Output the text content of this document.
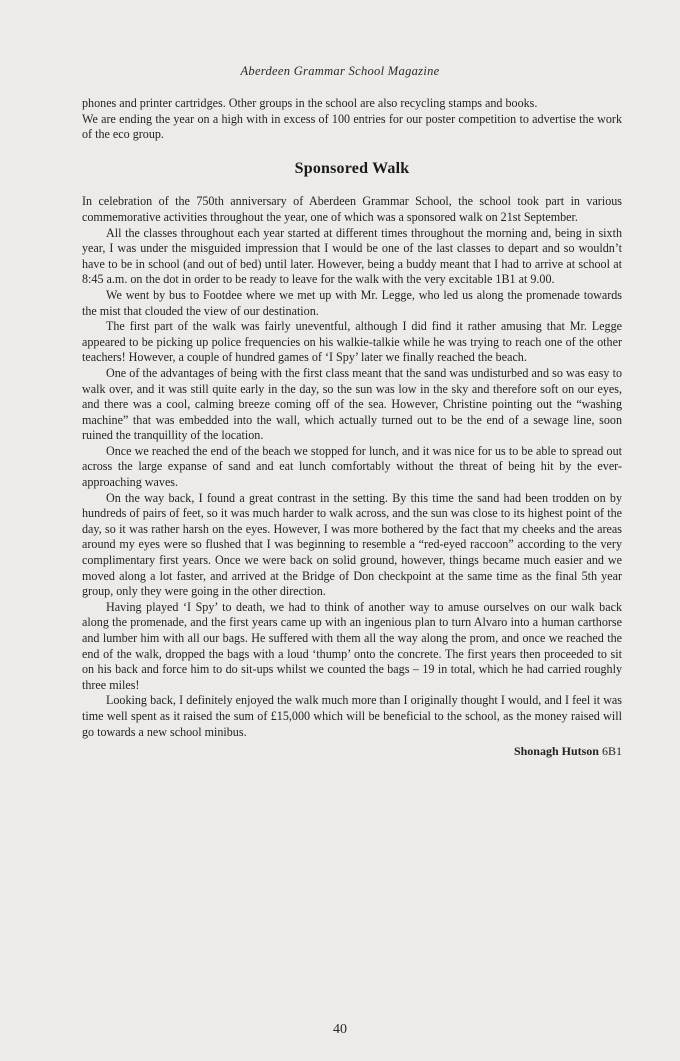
Aberdeen Grammar School Magazine

phones and printer cartridges. Other groups in the school are also recycling stamps and books.

We are ending the year on a high with in excess of 100 entries for our poster competition to advertise the work of the eco group.

Sponsored Walk

In celebration of the 750th anniversary of Aberdeen Grammar School, the school took part in various commemorative activities throughout the year, one of which was a sponsored walk on 21st September.

All the classes throughout each year started at different times throughout the morning and, being in sixth year, I was under the misguided impression that I would be one of the last classes to depart and so wouldn’t have to be in school (and out of bed) until later. However, being a buddy meant that I had to arrive at school at 8:45 a.m. on the dot in order to be ready to leave for the walk with the very excitable 1B1 at 9.00.

We went by bus to Footdee where we met up with Mr. Legge, who led us along the promenade towards the mist that clouded the view of our destination.

The first part of the walk was fairly uneventful, although I did find it rather amusing that Mr. Legge appeared to be picking up police frequencies on his walkie-talkie while he was trying to reach one of the other teachers! However, a couple of hundred games of ‘I Spy’ later we finally reached the beach.

One of the advantages of being with the first class meant that the sand was undisturbed and so was easy to walk over, and it was still quite early in the day, so the sun was low in the sky and therefore soft on our eyes, and there was a cool, calming breeze coming off of the sea. However, Christine pointing out the “washing machine” that was embedded into the wall, which actually turned out to be the end of a sewage line, soon ruined the tranquillity of the location.

Once we reached the end of the beach we stopped for lunch, and it was nice for us to be able to spread out across the large expanse of sand and eat lunch comfortably without the threat of being hit by the ever-approaching waves.

On the way back, I found a great contrast in the setting. By this time the sand had been trodden on by hundreds of pairs of feet, so it was much harder to walk across, and the sun was close to its highest point of the day, so it was rather harsh on the eyes. However, I was more bothered by the fact that my cheeks and the areas around my eyes were so flushed that I was beginning to resemble a “red-eyed raccoon” according to the very complimentary first years. Once we were back on solid ground, however, things became much easier and we moved along a lot faster, and arrived at the Bridge of Don checkpoint at the same time as the final 5th year group, only they were going in the other direction.

Having played ‘I Spy’ to death, we had to think of another way to amuse ourselves on our walk back along the promenade, and the first years came up with an ingenious plan to turn Alvaro into a human carthorse and lumber him with all our bags. He suffered with them all the way along the prom, and once we reached the end of the walk, dropped the bags with a loud ‘thump’ onto the concrete. The first years then proceeded to sit on his back and force him to do sit-ups whilst we counted the bags – 19 in total, which he had carried roughly three miles!

Looking back, I definitely enjoyed the walk much more than I originally thought I would, and I feel it was time well spent as it raised the sum of £15,000 which will be beneficial to the school, as the money raised will go towards a new school minibus.

Shonagh Hutson 6B1

40
